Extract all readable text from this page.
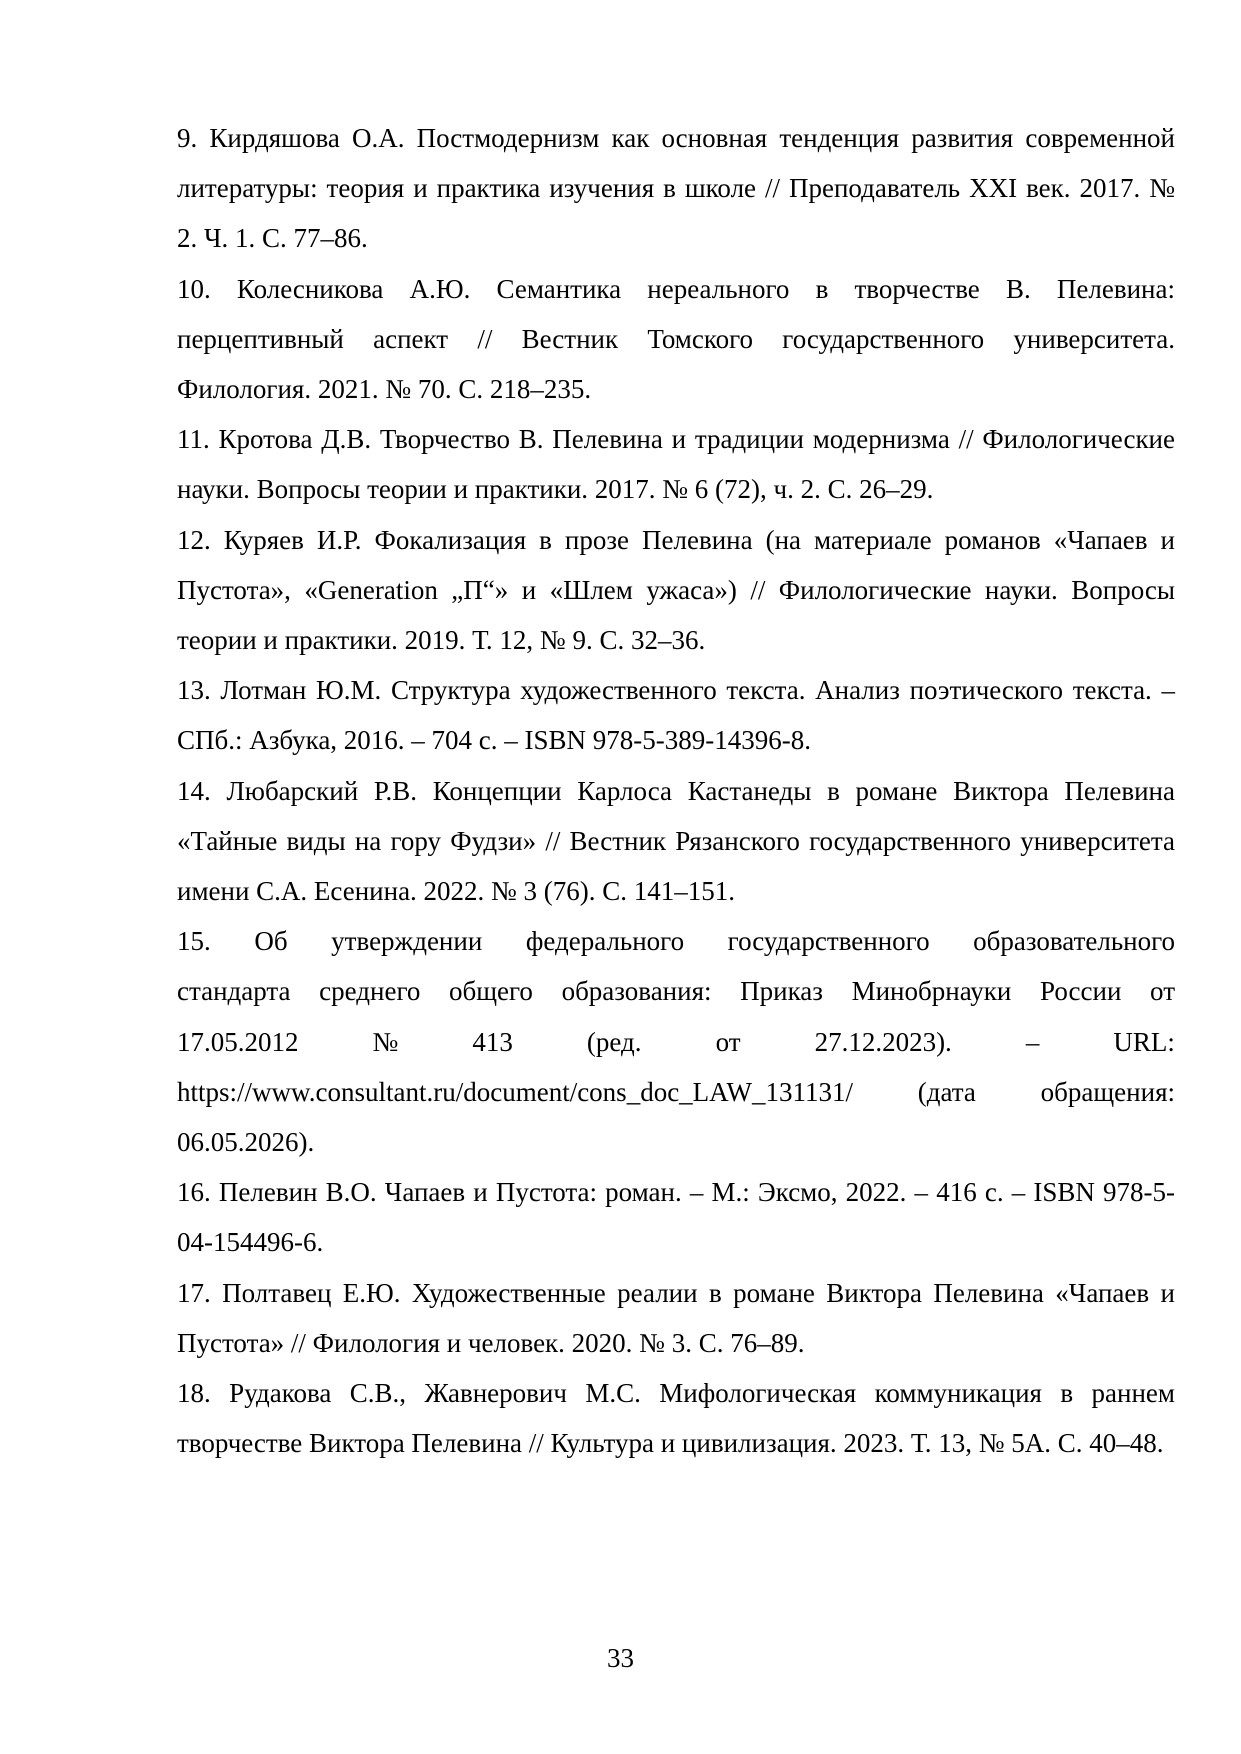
9. Кирдяшова О.А. Постмодернизм как основная тенденция развития современной литературы: теория и практика изучения в школе // Преподаватель XXI век. 2017. № 2. Ч. 1. С. 77–86.
10. Колесникова А.Ю. Семантика нереального в творчестве В. Пелевина: перцептивный аспект // Вестник Томского государственного университета. Филология. 2021. № 70. С. 218–235.
11. Кротова Д.В. Творчество В. Пелевина и традиции модернизма // Филологические науки. Вопросы теории и практики. 2017. № 6 (72), ч. 2. С. 26–29.
12. Куряев И.Р. Фокализация в прозе Пелевина (на материале романов «Чапаев и Пустота», «Generation „П“» и «Шлем ужаса») // Филологические науки. Вопросы теории и практики. 2019. Т. 12, № 9. С. 32–36.
13. Лотман Ю.М. Структура художественного текста. Анализ поэтического текста. – СПб.: Азбука, 2016. – 704 с. – ISBN 978-5-389-14396-8.
14. Любарский Р.В. Концепции Карлоса Кастанеды в романе Виктора Пелевина «Тайные виды на гору Фудзи» // Вестник Рязанского государственного университета имени С.А. Есенина. 2022. № 3 (76). С. 141–151.
15. Об утверждении федерального государственного образовательного
стандарта среднего общего образования: Приказ Минобрнауки России от
17.05.2012	№	413	(ред.	от	27.12.2023).	–	URL:
https://www.consultant.ru/document/cons_doc_LAW_131131/ (дата обращения:
06.05.2026).
16. Пелевин В.О. Чапаев и Пустота: роман. – М.: Эксмо, 2022. – 416 с. – ISBN 978-5-04-154496-6.
17. Полтавец Е.Ю. Художественные реалии в романе Виктора Пелевина «Чапаев и Пустота» // Филология и человек. 2020. № 3. С. 76–89.
18. Рудакова С.В., Жавнерович М.С. Мифологическая коммуникация в раннем творчестве Виктора Пелевина // Культура и цивилизация. 2023. Т. 13, № 5А. С. 40–48.
33
